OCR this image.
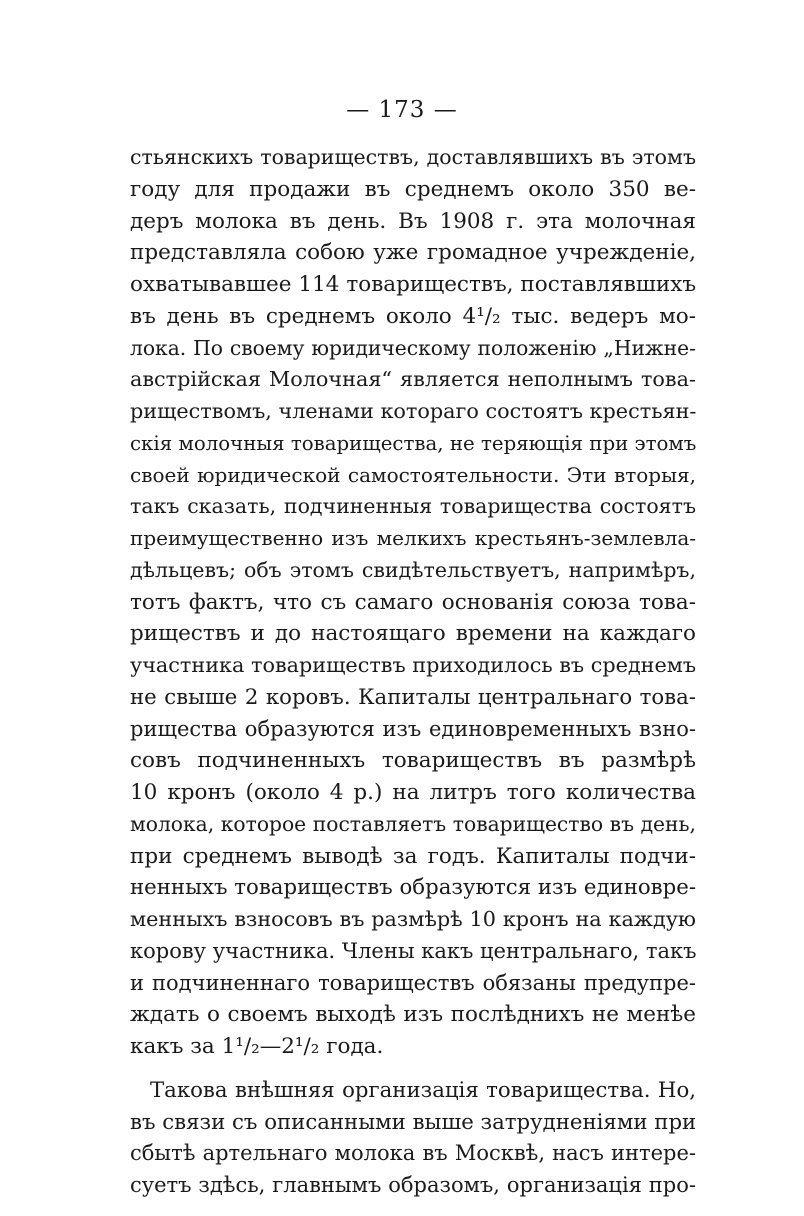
— 173 —
стьянскихъ товариществъ, доставлявшихъ въ этомъ
году для продажи въ среднемъ около 350 ве-
деръ молока въ день. Въ 1908 г. эта молочная
представляла собою уже громадное учрежденіе,
охватывавшее 114 товариществъ, поставлявшихъ
въ день въ среднемъ около 4¹/₂ тыс. ведеръ мо-
лока. По своему юридическому положенію „Нижне-
австрійская Молочная“ является неполнымъ това-
риществомъ, членами котораго состоятъ крестьян-
скія молочныя товарищества, не теряющія при этомъ
своей юридической самостоятельности. Эти вторыя,
такъ сказать, подчиненныя товарищества состоятъ
преимущественно изъ мелкихъ крестьянъ-землевла-
дѣльцевъ; объ этомъ свидѣтельствуетъ, напримѣръ,
тотъ фактъ, что съ самаго основанія союза това-
риществъ и до настоящаго времени на каждаго
участника товариществъ приходилось въ среднемъ
не свыше 2 коровъ. Капиталы центральнаго това-
рищества образуются изъ единовременныхъ взно-
совъ подчиненныхъ товариществъ въ размѣрѣ
10 кронъ (около 4 р.) на литръ того количества
молока, которое поставляетъ товарищество въ день,
при среднемъ выводѣ за годъ. Капиталы подчи-
ненныхъ товариществъ образуются изъ единовре-
менныхъ взносовъ въ размѣрѣ 10 кронъ на каждую
корову участника. Члены какъ центральнаго, такъ
и подчиненнаго товариществъ обязаны предупре-
ждать о своемъ выходѣ изъ послѣднихъ не менѣе
какъ за 1¹/₂—2¹/₂ года.
Такова внѣшняя организація товарищества. Но,
въ связи съ описанными выше затрудненіями при
сбытѣ артельнаго молока въ Москвѣ, насъ интере-
суетъ здѣсь, главнымъ образомъ, организація про-
